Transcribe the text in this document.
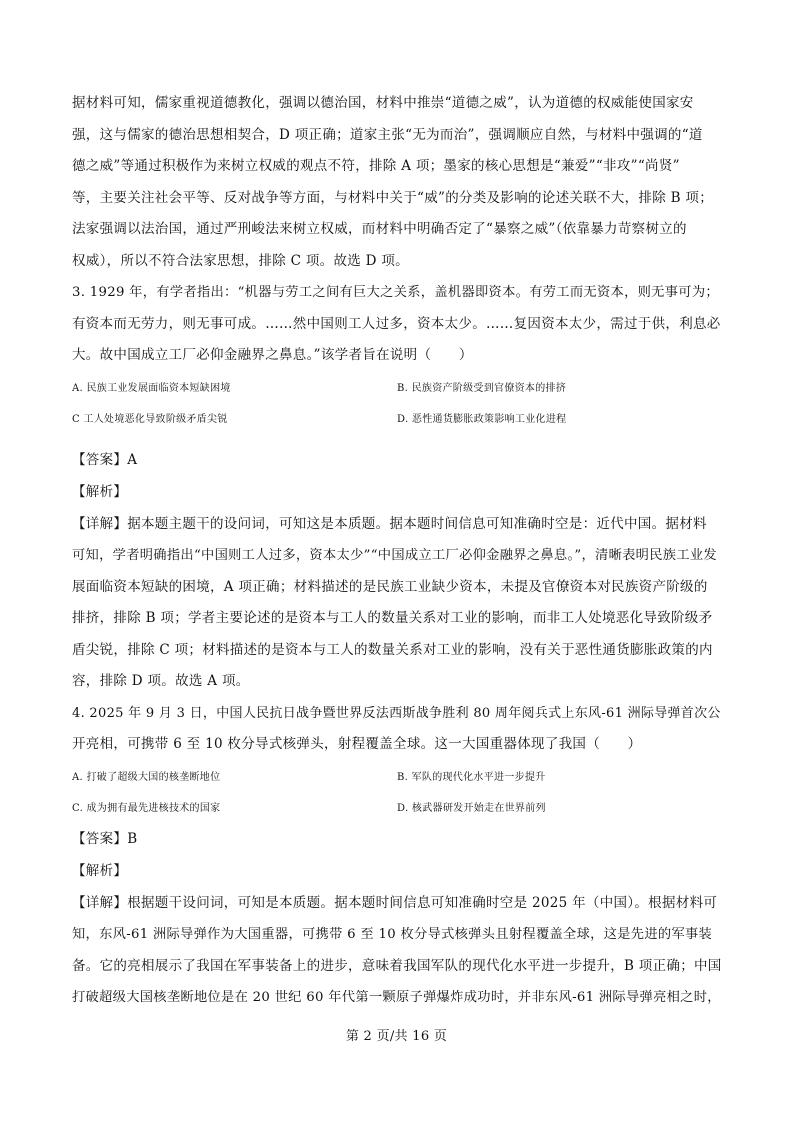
据材料可知，儒家重视道德教化，强调以德治国，材料中推崇“道德之威”，认为道德的权威能使国家安
强，这与儒家的德治思想相契合，D 项正确；道家主张“无为而治”，强调顺应自然，与材料中强调的“道
德之威”等通过积极作为来树立权威的观点不符，排除 A 项；墨家的核心思想是“兼爱”“非攻”“尚贤”
等，主要关注社会平等、反对战争等方面，与材料中关于“威”的分类及影响的论述关联不大，排除 B 项；
法家强调以法治国，通过严刑峻法来树立权威，而材料中明确否定了“暴察之威”（依靠暴力苛察树立的
权威），所以不符合法家思想，排除 C 项。故选 D 项。
3. 1929 年，有学者指出：“机器与劳工之间有巨大之关系，盖机器即资本。有劳工而无资本，则无事可为；
有资本而无劳力，则无事可成。……然中国则工人过多，资本太少。……复因资本太少，需过于供，利息必
大。故中国成立工厂必仰金融界之鼻息。”该学者旨在说明（　　）
A. 民族工业发展面临资本短缺困境	B. 民族资产阶级受到官僚资本的排挤
C 工人处境恶化导致阶级矛盾尖锐	D. 恶性通货膨胀政策影响工业化进程
【答案】A
【解析】
【详解】据本题主题干的设问词，可知这是本质题。据本题时间信息可知准确时空是：近代中国。据材料
可知，学者明确指出“中国则工人过多，资本太少”“中国成立工厂必仰金融界之鼻息。”，清晰表明民族工业发
展面临资本短缺的困境，A 项正确；材料描述的是民族工业缺少资本，未提及官僚资本对民族资产阶级的
排挤，排除 B 项；学者主要论述的是资本与工人的数量关系对工业的影响，而非工人处境恶化导致阶级矛
盾尖锐，排除 C 项；材料描述的是资本与工人的数量关系对工业的影响，没有关于恶性通货膨胀政策的内
容，排除 D 项。故选 A 项。
4. 2025 年 9 月 3 日，中国人民抗日战争暨世界反法西斯战争胜利 80 周年阅兵式上东风-61 洲际导弹首次公
开亮相，可携带 6 至 10 枚分导式核弹头，射程覆盖全球。这一大国重器体现了我国（　　）
A. 打破了超级大国的核垄断地位	B. 军队的现代化水平进一步提升
C. 成为拥有最先进核技术的国家	D. 核武器研发开始走在世界前列
【答案】B
【解析】
【详解】根据题干设问词，可知是本质题。据本题时间信息可知准确时空是 2025 年（中国）。根据材料可
知，东风-61 洲际导弹作为大国重器，可携带 6 至 10 枚分导式核弹头且射程覆盖全球，这是先进的军事装
备。它的亮相展示了我国在军事装备上的进步，意味着我国军队的现代化水平进一步提升，B 项正确；中国
打破超级大国核垄断地位是在 20 世纪 60 年代第一颗原子弹爆炸成功时，并非东风-61 洲际导弹亮相之时，
第 2 页/共 16 页
